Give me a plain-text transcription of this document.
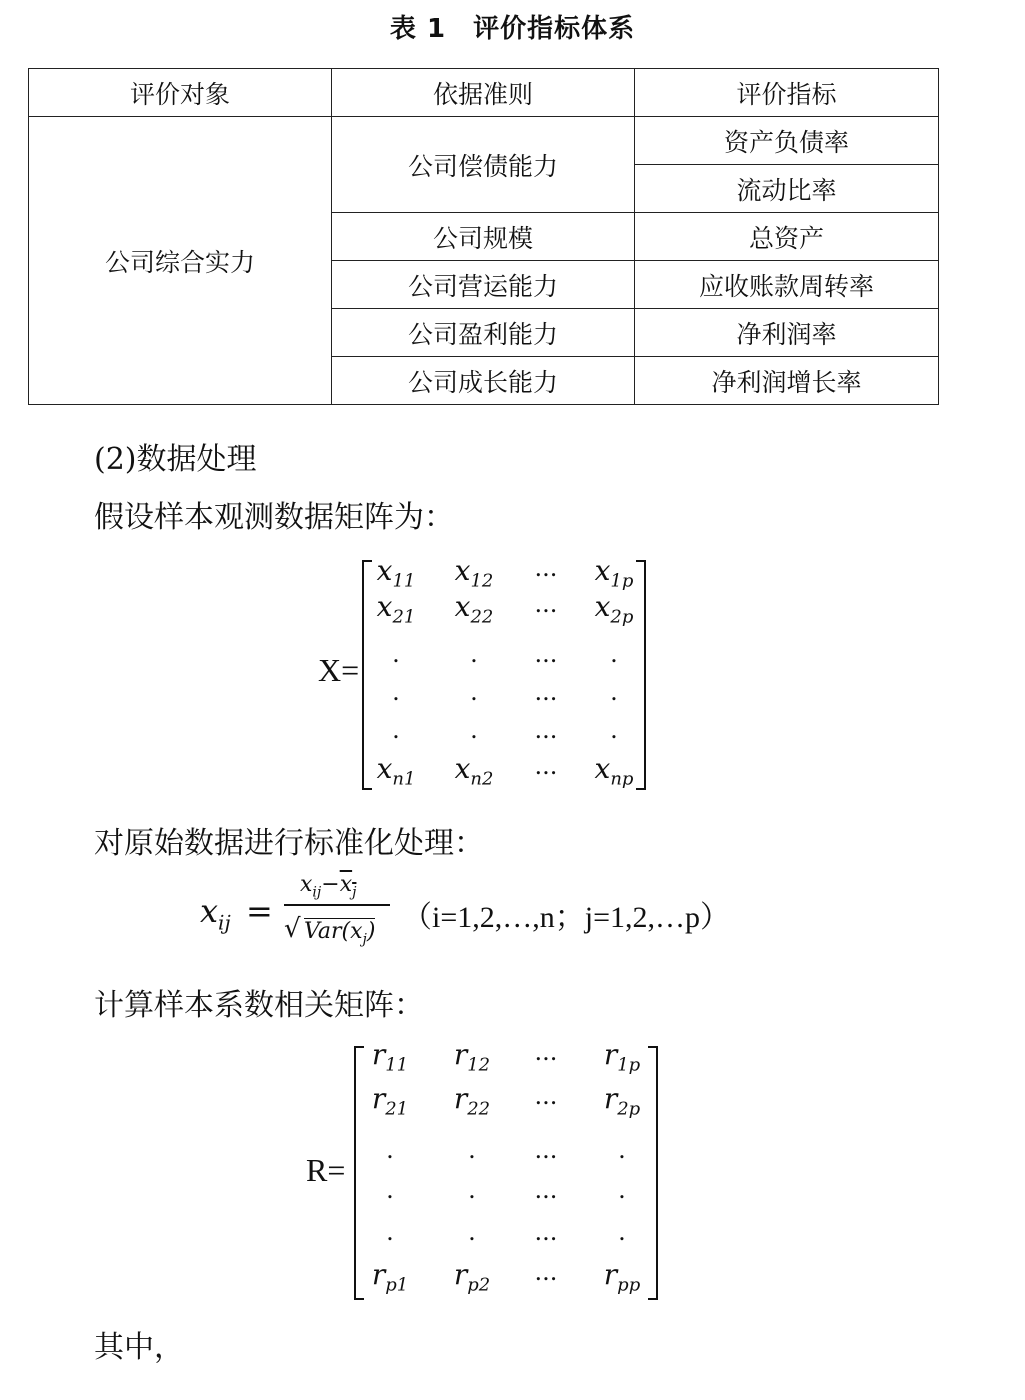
表 1　评价指标体系
评价对象	依据准则	评价指标
公司综合实力	公司偿债能力	资产负债率
		流动比率
	公司规模	总资产
	公司营运能力	应收账款周转率
	公司盈利能力	净利润率
	公司成长能力	净利润增长率
(2)数据处理
假设样本观测数据矩阵为：
X=
$x_{11}$	$x_{12}$	...	$x_{1p}$
$x_{21}$	$x_{22}$	...	$x_{2p}$
.	.	...	.
.	.	...	.
.	.	...	.
$x_{n1}$	$x_{n2}$	...	$x_{np}$
对原始数据进行标准化处理：
$x_{ij}$ =
$x_{ij}-x_j$
√ $Var(x_j)$ （i=1,2,…,n；j=1,2,…p）
计算样本系数相关矩阵：
R=
$r_{11}$	$r_{12}$	...	$r_{1p}$
$r_{21}$	$r_{22}$	...	$r_{2p}$
.	.	...	.
.	.	...	.
.	.	...	.
$r_{p1}$	$r_{p2}$	...	$r_{pp}$
其中，
